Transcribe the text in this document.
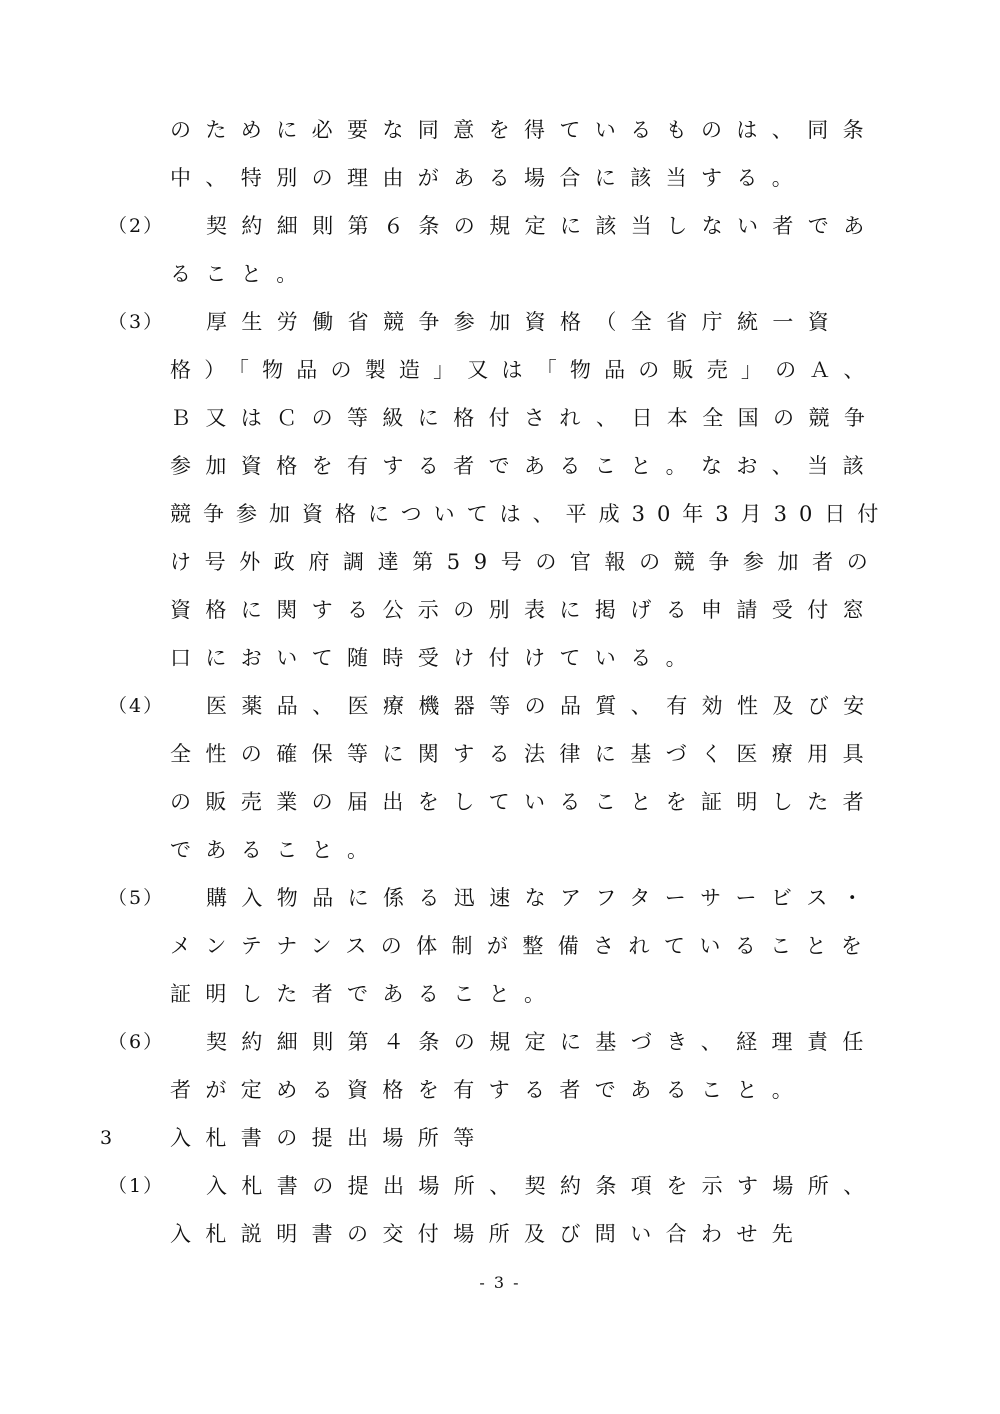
のために必要な同意を得ているものは、同条
中、特別の理由がある場合に該当する。
（2） 契約細則第６条の規定に該当しない者であ
ること。
（3） 厚生労働省競争参加資格（全省庁統一資
格）「物品の製造」又は「物品の販売」のＡ、
Ｂ又はＣの等級に格付され、日本全国の競争
参加資格を有する者であること。なお、当該
競争参加資格については、平成30年3月30日付
け号外政府調達第59号の官報の競争参加者の
資格に関する公示の別表に掲げる申請受付窓
口において随時受け付けている。
（4） 医薬品、医療機器等の品質、有効性及び安
全性の確保等に関する法律に基づく医療用具
の販売業の届出をしていることを証明した者
であること。
（5） 購入物品に係る迅速なアフターサービス・
メンテナンスの体制が整備されていることを
証明した者であること。
（6） 契約細則第４条の規定に基づき、経理責任
者が定める資格を有する者であること。
3	入札書の提出場所等
（1） 入札書の提出場所、契約条項を示す場所、
入札説明書の交付場所及び問い合わせ先
- 3 -
